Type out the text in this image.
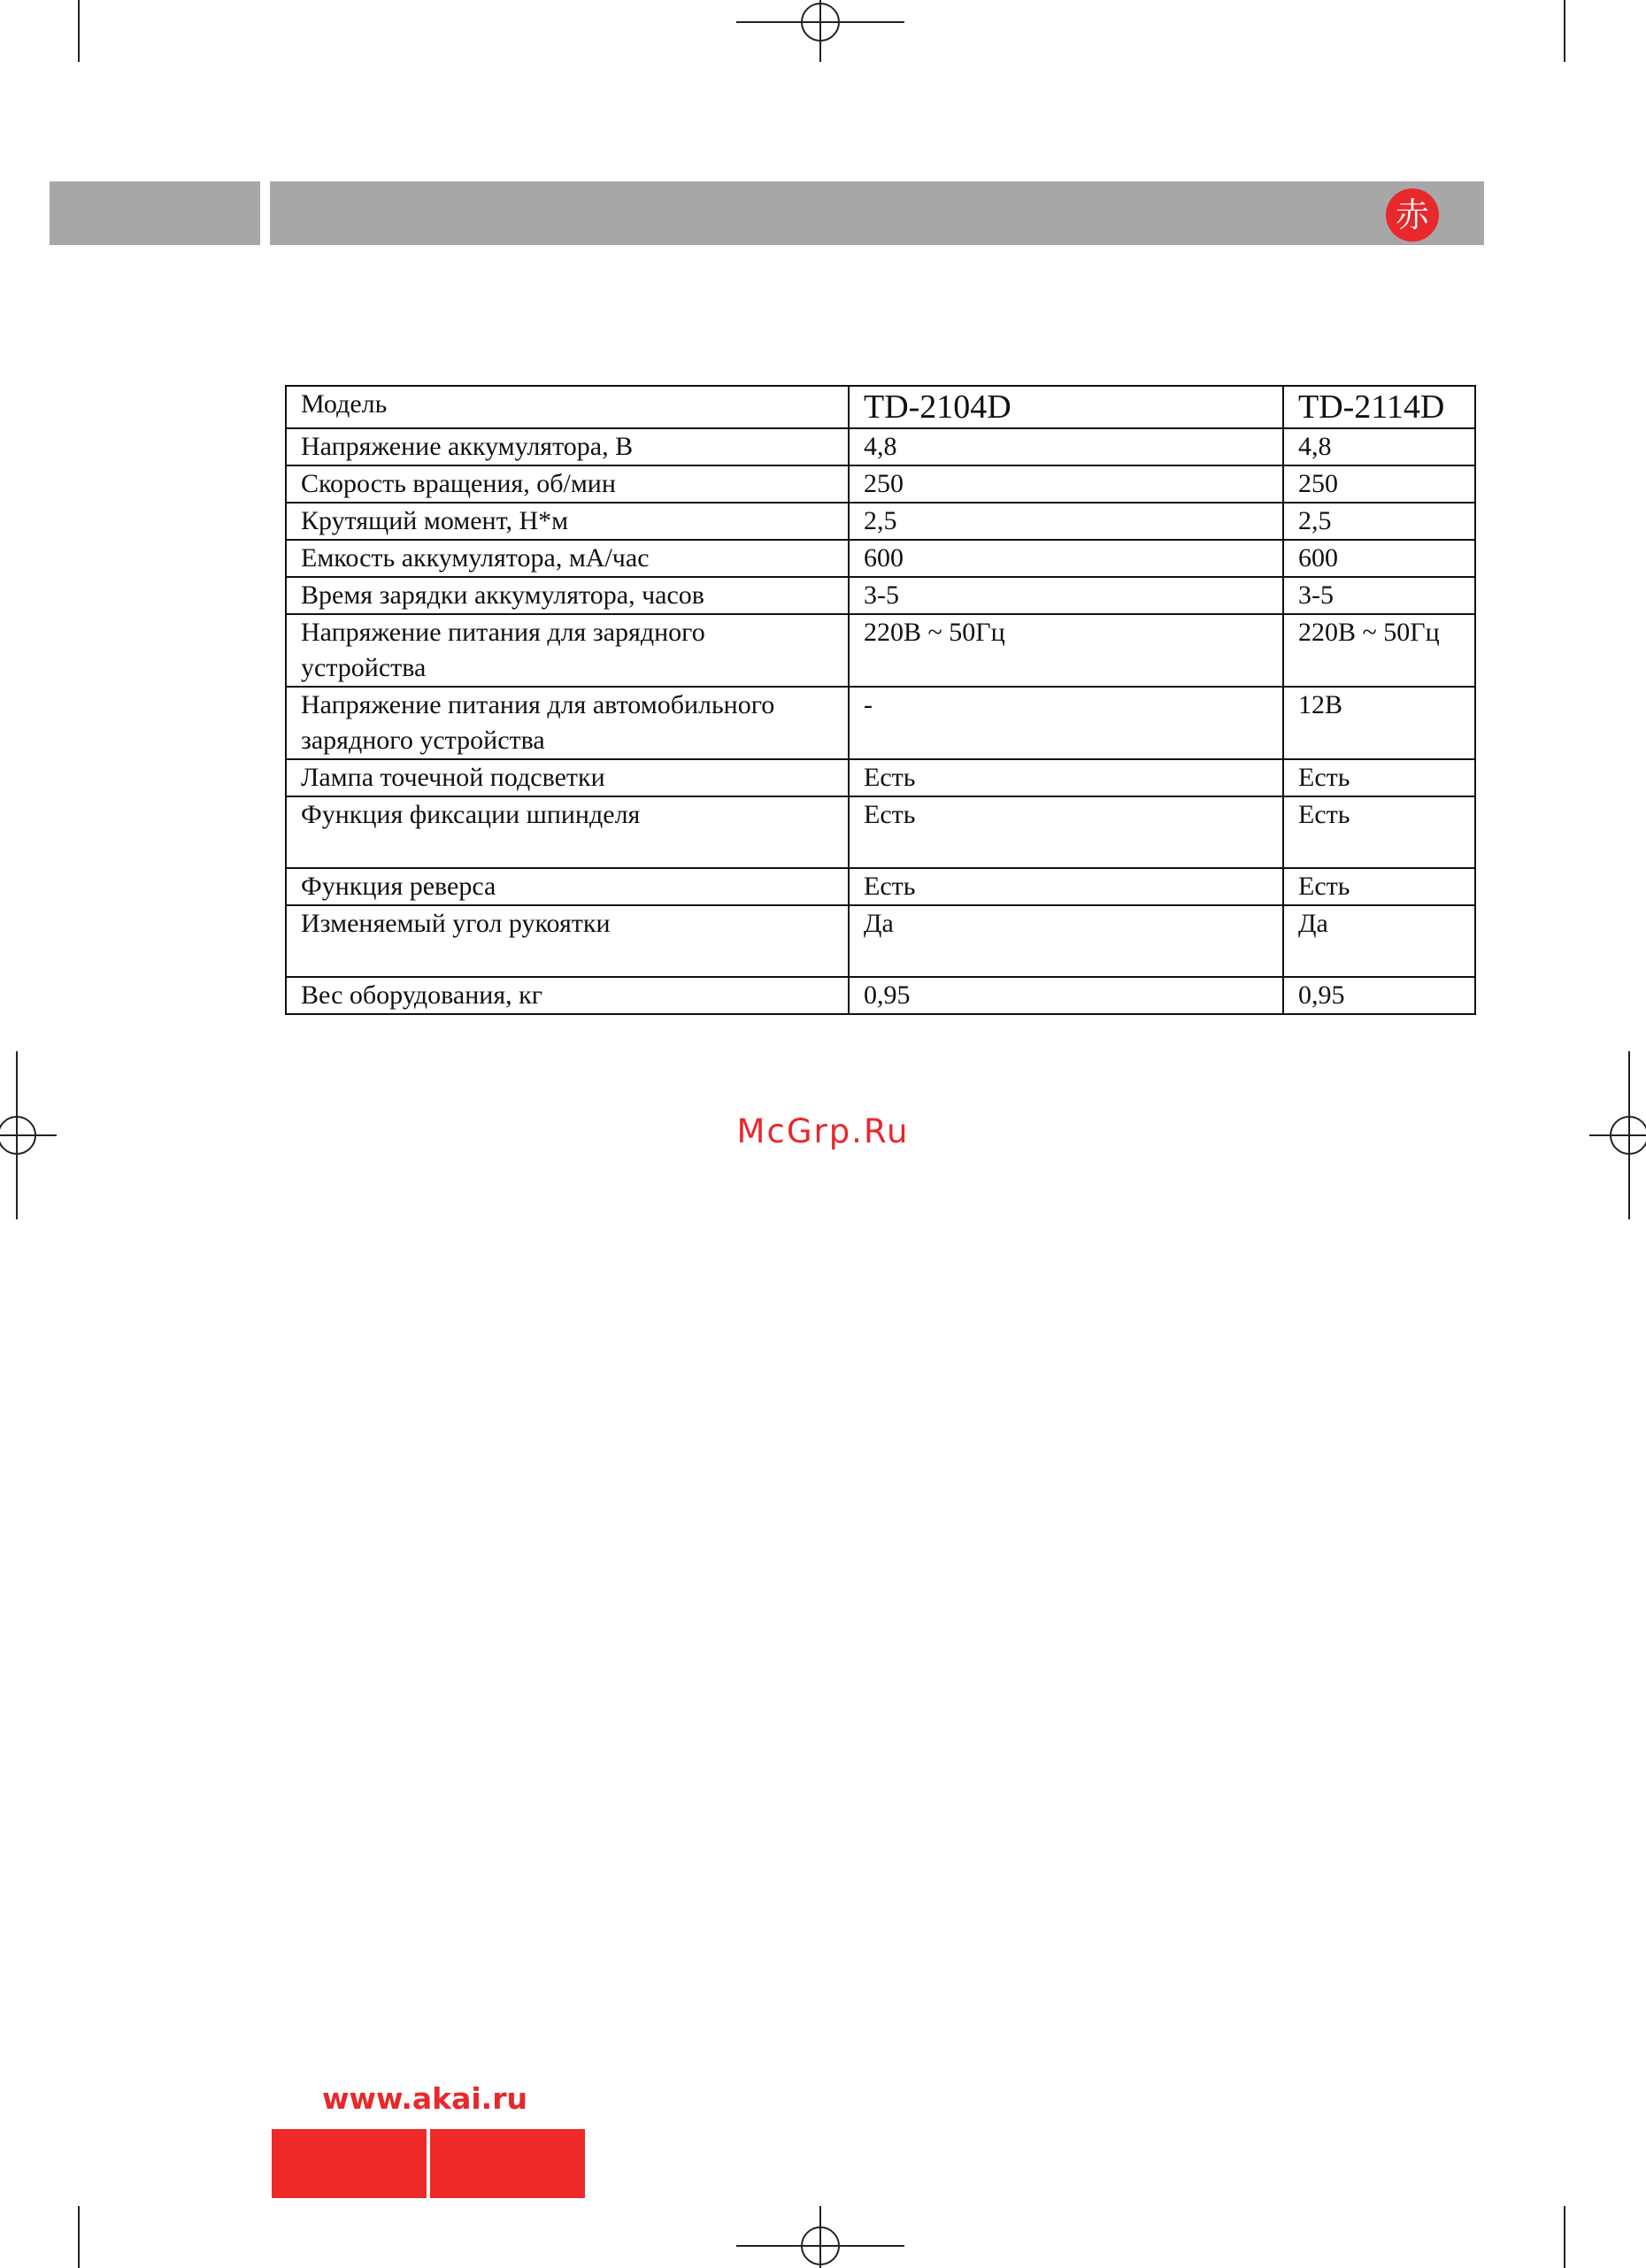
赤
Модель	TD-2104D	TD-2114D
Напряжение аккумулятора, В	4,8	4,8
Скорость вращения, об/мин	250	250
Крутящий момент, Н*м	2,5	2,5
Емкость аккумулятора, мА/час	600	600
Время зарядки аккумулятора, часов	3-5	3-5
Напряжение питания для зарядного устройства	220В ~ 50Гц	220В ~ 50Гц
Напряжение питания для автомобильного зарядного устройства	-	12В
Лампа точечной подсветки	Есть	Есть
Функция фиксации шпинделя	Есть	Есть
Функция реверса	Есть	Есть
Изменяемый угол рукоятки	Да	Да
Вес оборудования, кг	0,95	0,95
McGrp.Ru
www.akai.ru
